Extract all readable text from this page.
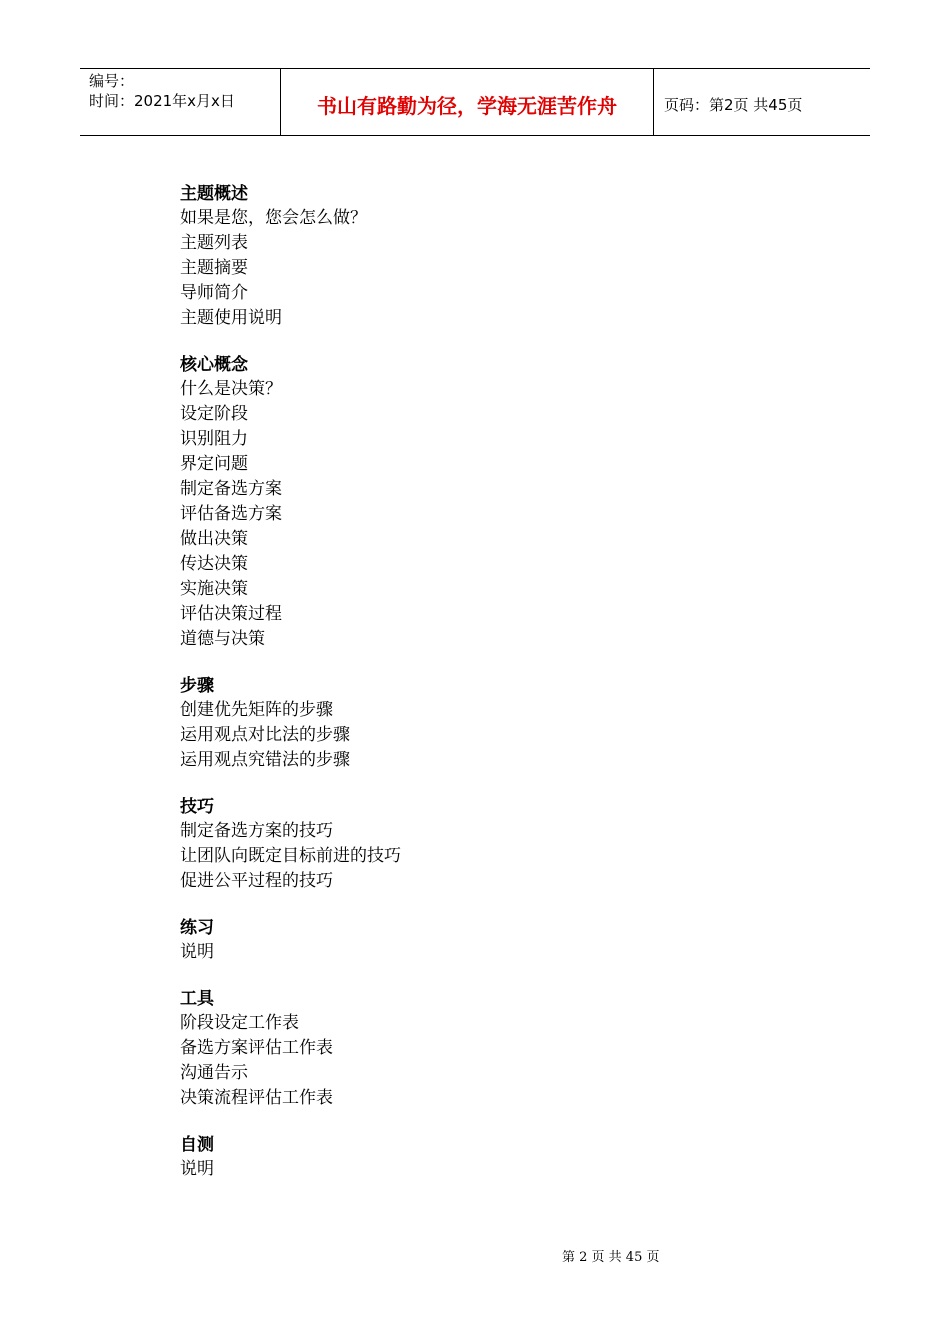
编号：
时间：2021年x月x日	书山有路勤为径，学海无涯苦作舟	页码：第2页 共45页
主题概述
如果是您，您会怎么做？
主题列表
主题摘要
导师简介
主题使用说明
核心概念
什么是决策？
设定阶段
识别阻力
界定问题
制定备选方案
评估备选方案
做出决策
传达决策
实施决策
评估决策过程
道德与决策
步骤
创建优先矩阵的步骤
运用观点对比法的步骤
运用观点究错法的步骤
技巧
制定备选方案的技巧
让团队向既定目标前进的技巧
促进公平过程的技巧
练习
说明
工具
阶段设定工作表
备选方案评估工作表
沟通告示
决策流程评估工作表
自测
说明
第 2 页 共 45 页
